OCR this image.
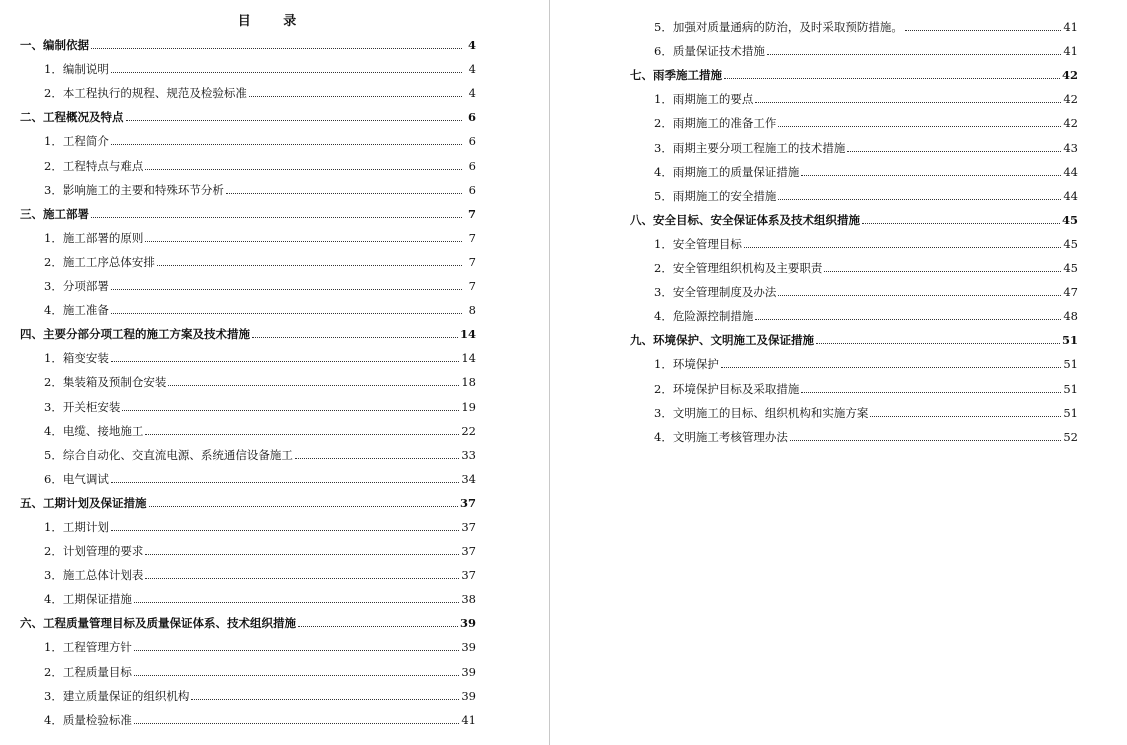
目 录
一、编制依据	4
1．编制说明	4
2．本工程执行的规程、规范及检验标准	4
二、工程概况及特点	6
1．工程简介	6
2．工程特点与难点	6
3．影响施工的主要和特殊环节分析	6
三、施工部署	7
1．施工部署的原则	7
2．施工工序总体安排	7
3．分项部署	7
4．施工准备	8
四、主要分部分项工程的施工方案及技术措施	14
1．箱变安装	14
2．集装箱及预制仓安装	18
3．开关柜安装	19
4．电缆、接地施工	22
5．综合自动化、交直流电源、系统通信设备施工	33
6．电气调试	34
五、工期计划及保证措施	37
1．工期计划	37
2．计划管理的要求	37
3．施工总体计划表	37
4．工期保证措施	38
六、工程质量管理目标及质量保证体系、技术组织措施	39
1．工程管理方针	39
2．工程质量目标	39
3．建立质量保证的组织机构	39
4．质量检验标准	41
5．加强对质量通病的防治，及时采取预防措施。	41
6．质量保证技术措施	41
七、雨季施工措施	42
1．雨期施工的要点	42
2．雨期施工的准备工作	42
3．雨期主要分项工程施工的技术措施	43
4．雨期施工的质量保证措施	44
5．雨期施工的安全措施	44
八、安全目标、安全保证体系及技术组织措施	45
1．安全管理目标	45
2．安全管理组织机构及主要职责	45
3．安全管理制度及办法	47
4．危险源控制措施	48
九、环境保护、文明施工及保证措施	51
1．环境保护	51
2．环境保护目标及采取措施	51
3．文明施工的目标、组织机构和实施方案	51
4．文明施工考核管理办法	52
